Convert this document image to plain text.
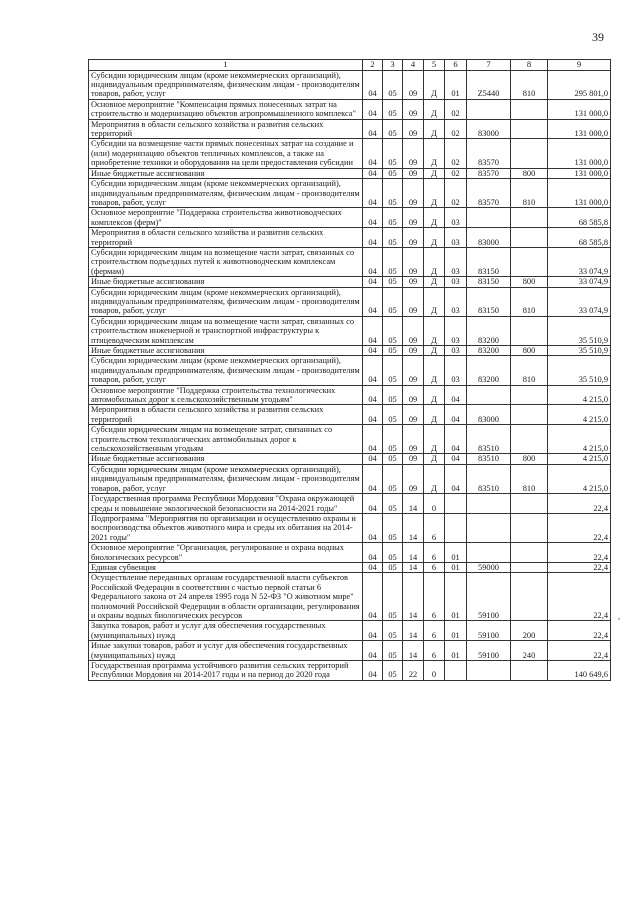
39
1	2	3	4	5	6	7	8	9
Субсидии юридическим лицам (кроме некоммерческих организаций), индивидуальным предпринимателям, физическим лицам - производителям товаров, работ, услуг	04	05	09	Д	01	Z5440	810	295 801,0
Основное мероприятие "Компенсация прямых понесенных затрат на строительство и модернизацию объектов агропромышленного комплекса"	04	05	09	Д	02			131 000,0
Мероприятия в области сельского хозяйства и развития сельских территорий	04	05	09	Д	02	83000		131 000,0
Субсидии на возмещение части прямых понесенных затрат на создание и (или) модернизацию объектов тепличных комплексов, а также на приобретение техники и оборудования на цели предоставления субсидии	04	05	09	Д	02	83570		131 000,0
Иные бюджетные ассигнования	04	05	09	Д	02	83570	800	131 000,0
Субсидии юридическим лицам (кроме некоммерческих организаций), индивидуальным предпринимателям, физическим лицам - производителям товаров, работ, услуг	04	05	09	Д	02	83570	810	131 000,0
Основное мероприятие "Поддержка строительства животноводческих комплексов (ферм)"	04	05	09	Д	03			68 585,8
Мероприятия в области сельского хозяйства и развития сельских территорий	04	05	09	Д	03	83000		68 585,8
Субсидии юридическим лицам на возмещение части затрат, связанных со строительством подъездных путей к животноводческим комплексам (фермам)	04	05	09	Д	03	83150		33 074,9
Иные бюджетные ассигнования	04	05	09	Д	03	83150	800	33 074,9
Субсидии юридическим лицам (кроме некоммерческих организаций), индивидуальным предпринимателям, физическим лицам - производителям товаров, работ, услуг	04	05	09	Д	03	83150	810	33 074,9
Субсидии юридическим лицам на возмещение части затрат, связанных со строительством инженерной и транспортной инфраструктуры к птицеводческим комплексам	04	05	09	Д	03	83200		35 510,9
Иные бюджетные ассигнования	04	05	09	Д	03	83200	800	35 510,9
Субсидии юридическим лицам (кроме некоммерческих организаций), индивидуальным предпринимателям, физическим лицам - производителям товаров, работ, услуг	04	05	09	Д	03	83200	810	35 510,9
Основное мероприятие "Поддержка строительства технологических автомобильных дорог к сельскохозяйственным угодьям"	04	05	09	Д	04			4 215,0
Мероприятия в области сельского хозяйства и развития сельских территорий	04	05	09	Д	04	83000		4 215,0
Субсидии юридическим лицам на возмещение затрат, связанных со строительством технологических автомобильных дорог к сельскохозяйственным угодьям	04	05	09	Д	04	83510		4 215,0
Иные бюджетные ассигнования	04	05	09	Д	04	83510	800	4 215,0
Субсидии юридическим лицам (кроме некоммерческих организаций), индивидуальным предпринимателям, физическим лицам - производителям товаров, работ, услуг	04	05	09	Д	04	83510	810	4 215,0
Государственная программа Республики Мордовия "Охрана окружающей среды и повышение экологической безопасности на 2014-2021 годы"	04	05	14	0				22,4
Подпрограмма "Мероприятия по организации и осуществлению охраны и воспроизводства объектов животного мира и среды их обитания на 2014-2021 годы"	04	05	14	6				22,4
Основное мероприятие "Организация, регулирование и охрана водных биологических ресурсов"	04	05	14	6	01			22,4
Единая субвенция	04	05	14	6	01	59000		22,4
Осуществление переданных органам государственной власти субъектов Российской Федерации в соответствии с частью первой статьи 6 Федерального закона от 24 апреля 1995 года N 52-ФЗ "О животном мире" полномочий Российской Федерации в области организации, регулирования и охраны водных биологических ресурсов	04	05	14	6	01	59100		22,4
Закупка товаров, работ и услуг для обеспечения государственных (муниципальных) нужд	04	05	14	6	01	59100	200	22,4
Иные закупки товаров, работ и услуг для обеспечения государственных (муниципальных) нужд	04	05	14	6	01	59100	240	22,4
Государственная программа устойчивого развития сельских территорий Республики Мордовия на 2014-2017 годы и на период до 2020 года	04	05	22	0				140 649,6
,
